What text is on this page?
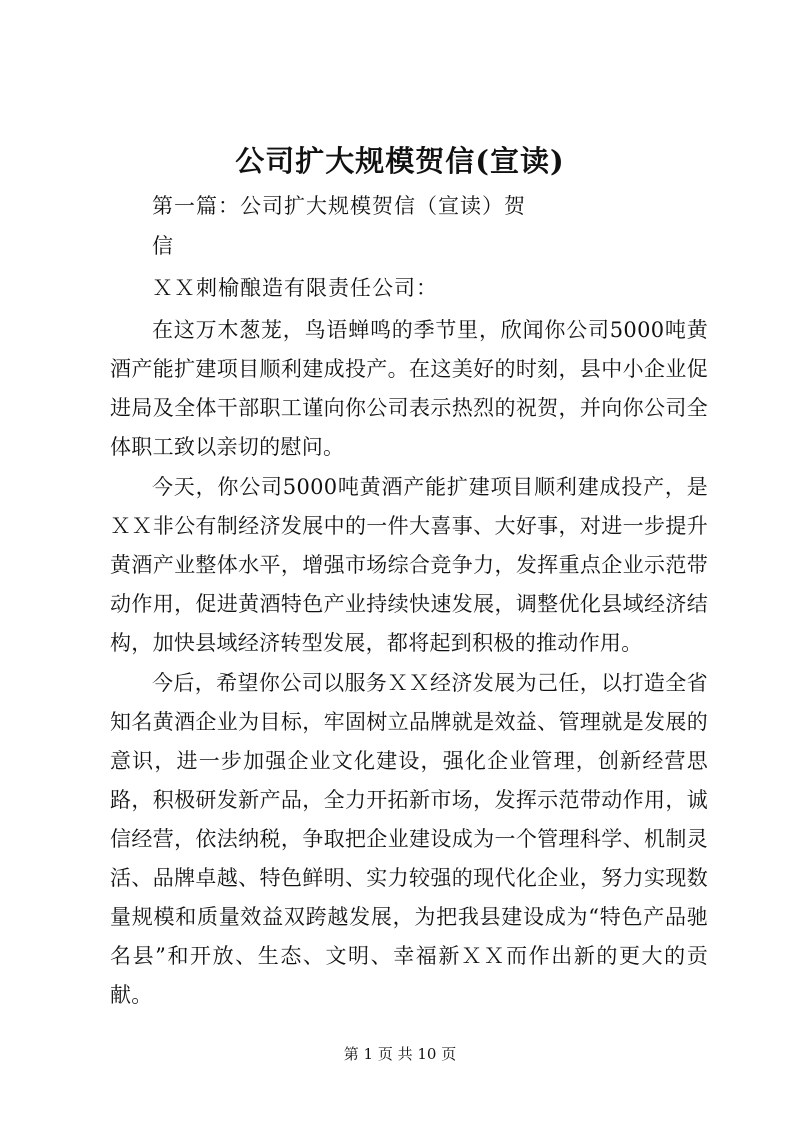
公司扩大规模贺信(宣读)

第一篇：公司扩大规模贺信（宣读）贺

信

ＸＸ刺榆酿造有限责任公司：

在这万木葱茏，鸟语蝉鸣的季节里，欣闻你公司5000吨黄酒产能扩建项目顺利建成投产。在这美好的时刻，县中小企业促进局及全体干部职工谨向你公司表示热烈的祝贺，并向你公司全体职工致以亲切的慰问。

今天，你公司5000吨黄酒产能扩建项目顺利建成投产，是ＸＸ非公有制经济发展中的一件大喜事、大好事，对进一步提升黄酒产业整体水平，增强市场综合竞争力，发挥重点企业示范带动作用，促进黄酒特色产业持续快速发展，调整优化县域经济结构，加快县域经济转型发展，都将起到积极的推动作用。

今后，希望你公司以服务ＸＸ经济发展为己任，以打造全省知名黄酒企业为目标，牢固树立品牌就是效益、管理就是发展的意识，进一步加强企业文化建设，强化企业管理，创新经营思路，积极研发新产品，全力开拓新市场，发挥示范带动作用，诚信经营，依法纳税，争取把企业建设成为一个管理科学、机制灵活、品牌卓越、特色鲜明、实力较强的现代化企业，努力实现数量规模和质量效益双跨越发展，为把我县建设成为“特色产品驰名县”和开放、生态、文明、幸福新ＸＸ而作出新的更大的贡献。

第 1 页 共 10 页
